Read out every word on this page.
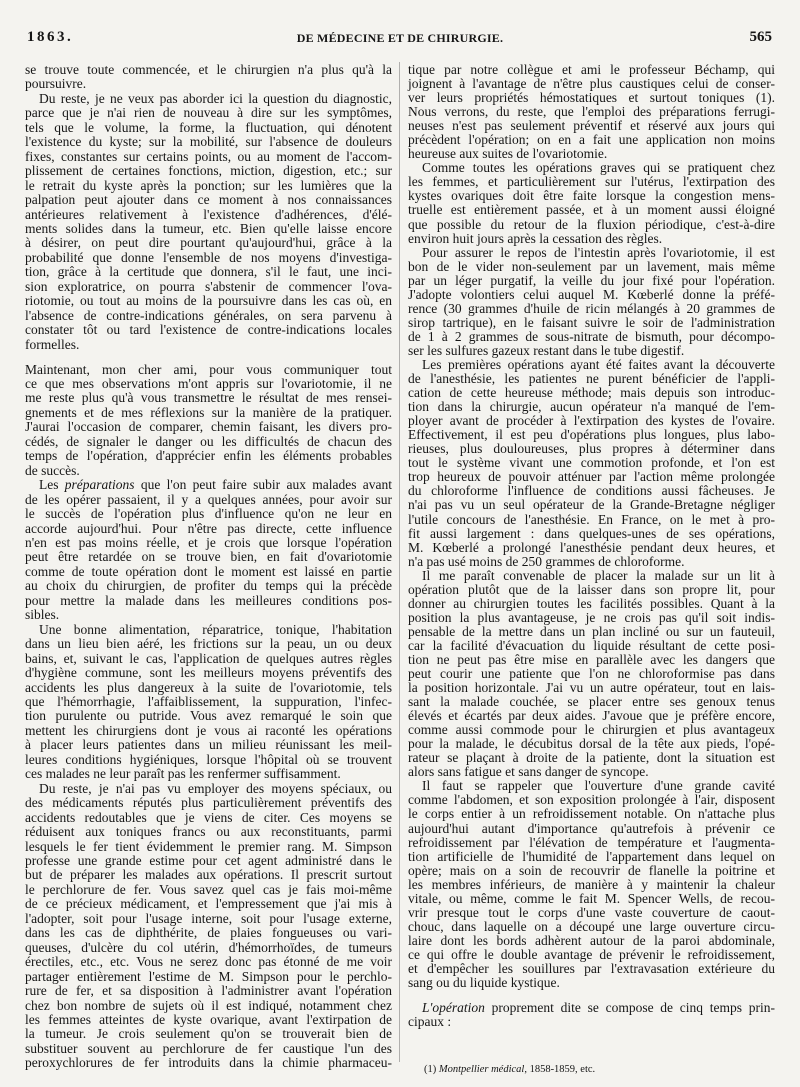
1863.	DE MÉDECINE ET DE CHIRURGIE.	565

se trouve toute commencée, et le chirurgien n'a plus qu'à la
poursuivre.

Du reste, je ne veux pas aborder ici la question du diagnostic,
parce que je n'ai rien de nouveau à dire sur les symptômes,
tels que le volume, la forme, la fluctuation, qui dénotent
l'existence du kyste; sur la mobilité, sur l'absence de douleurs
fixes, constantes sur certains points, ou au moment de l'accom-
plissement de certaines fonctions, miction, digestion, etc.; sur
le retrait du kyste après la ponction; sur les lumières que la
palpation peut ajouter dans ce moment à nos connaissances
antérieures relativement à l'existence d'adhérences, d'élé-
ments solides dans la tumeur, etc. Bien qu'elle laisse encore
à désirer, on peut dire pourtant qu'aujourd'hui, grâce à la
probabilité que donne l'ensemble de nos moyens d'investiga-
tion, grâce à la certitude que donnera, s'il le faut, une inci-
sion exploratrice, on pourra s'abstenir de commencer l'ova-
riotomie, ou tout au moins de la poursuivre dans les cas où, en
l'absence de contre-indications générales, on sera parvenu à
constater tôt ou tard l'existence de contre-indications locales
formelles.

Maintenant, mon cher ami, pour vous communiquer tout
ce que mes observations m'ont appris sur l'ovariotomie, il ne
me reste plus qu'à vous transmettre le résultat de mes rensei-
gnements et de mes réflexions sur la manière de la pratiquer.
J'aurai l'occasion de comparer, chemin faisant, les divers pro-
cédés, de signaler le danger ou les difficultés de chacun des
temps de l'opération, d'apprécier enfin les éléments probables
de succès.

Les préparations que l'on peut faire subir aux malades avant
de les opérer passaient, il y a quelques années, pour avoir sur
le succès de l'opération plus d'influence qu'on ne leur en
accorde aujourd'hui. Pour n'être pas directe, cette influence
n'en est pas moins réelle, et je crois que lorsque l'opération
peut être retardée on se trouve bien, en fait d'ovariotomie
comme de toute opération dont le moment est laissé en partie
au choix du chirurgien, de profiter du temps qui la précède
pour mettre la malade dans les meilleures conditions pos-
sibles.

Une bonne alimentation, réparatrice, tonique, l'habitation
dans un lieu bien aéré, les frictions sur la peau, un ou deux
bains, et, suivant le cas, l'application de quelques autres règles
d'hygiène commune, sont les meilleurs moyens préventifs des
accidents les plus dangereux à la suite de l'ovariotomie, tels
que l'hémorrhagie, l'affaiblissement, la suppuration, l'infec-
tion purulente ou putride. Vous avez remarqué le soin que
mettent les chirurgiens dont je vous ai raconté les opérations
à placer leurs patientes dans un milieu réunissant les meil-
leures conditions hygiéniques, lorsque l'hôpital où se trouvent
ces malades ne leur paraît pas les renfermer suffisamment.

Du reste, je n'ai pas vu employer des moyens spéciaux, ou
des médicaments réputés plus particulièrement préventifs des
accidents redoutables que je viens de citer. Ces moyens se
réduisent aux toniques francs ou aux reconstituants, parmi
lesquels le fer tient évidemment le premier rang. M. Simpson
professe une grande estime pour cet agent administré dans le
but de préparer les malades aux opérations. Il prescrit surtout
le perchlorure de fer. Vous savez quel cas je fais moi-même
de ce précieux médicament, et l'empressement que j'ai mis à
l'adopter, soit pour l'usage interne, soit pour l'usage externe,
dans les cas de diphthérite, de plaies fongueuses ou vari-
queuses, d'ulcère du col utérin, d'hémorrhoïdes, de tumeurs
érectiles, etc., etc. Vous ne serez donc pas étonné de me voir
partager entièrement l'estime de M. Simpson pour le perchlo-
rure de fer, et sa disposition à l'administrer avant l'opération
chez bon nombre de sujets où il est indiqué, notamment chez
les femmes atteintes de kyste ovarique, avant l'extirpation de
la tumeur. Je crois seulement qu'on se trouverait bien de
substituer souvent au perchlorure de fer caustique l'un des
peroxychlorures de fer introduits dans la chimie pharmaceu-

tique par notre collègue et ami le professeur Béchamp, qui
joignent à l'avantage de n'être plus caustiques celui de conser-
ver leurs propriétés hémostatiques et surtout toniques (1).
Nous verrons, du reste, que l'emploi des préparations ferrugi-
neuses n'est pas seulement préventif et réservé aux jours qui
précèdent l'opération; on en a fait une application non moins
heureuse aux suites de l'ovariotomie.

Comme toutes les opérations graves qui se pratiquent chez
les femmes, et particulièrement sur l'utérus, l'extirpation des
kystes ovariques doit être faite lorsque la congestion mens-
truelle est entièrement passée, et à un moment aussi éloigné
que possible du retour de la fluxion périodique, c'est-à-dire
environ huit jours après la cessation des règles.

Pour assurer le repos de l'intestin après l'ovariotomie, il est
bon de le vider non-seulement par un lavement, mais même
par un léger purgatif, la veille du jour fixé pour l'opération.
J'adopte volontiers celui auquel M. Kœberlé donne la préfé-
rence (30 grammes d'huile de ricin mélangés à 20 grammes de
sirop tartrique), en le faisant suivre le soir de l'administration
de 1 à 2 grammes de sous-nitrate de bismuth, pour décompo-
ser les sulfures gazeux restant dans le tube digestif.

Les premières opérations ayant été faites avant la découverte
de l'anesthésie, les patientes ne purent bénéficier de l'appli-
cation de cette heureuse méthode; mais depuis son introduc-
tion dans la chirurgie, aucun opérateur n'a manqué de l'em-
ployer avant de procéder à l'extirpation des kystes de l'ovaire.
Effectivement, il est peu d'opérations plus longues, plus labo-
rieuses, plus douloureuses, plus propres à déterminer dans
tout le système vivant une commotion profonde, et l'on est
trop heureux de pouvoir atténuer par l'action même prolongée
du chloroforme l'influence de conditions aussi fâcheuses. Je
n'ai pas vu un seul opérateur de la Grande-Bretagne négliger
l'utile concours de l'anesthésie. En France, on le met à pro-
fit aussi largement : dans quelques-unes de ses opérations,
M. Kœberlé a prolongé l'anesthésie pendant deux heures, et
n'a pas usé moins de 250 grammes de chloroforme.

Il me paraît convenable de placer la malade sur un lit à
opération plutôt que de la laisser dans son propre lit, pour
donner au chirurgien toutes les facilités possibles. Quant à la
position la plus avantageuse, je ne crois pas qu'il soit indis-
pensable de la mettre dans un plan incliné ou sur un fauteuil,
car la facilité d'évacuation du liquide résultant de cette posi-
tion ne peut pas être mise en parallèle avec les dangers que
peut courir une patiente que l'on ne chloroformise pas dans
la position horizontale. J'ai vu un autre opérateur, tout en lais-
sant la malade couchée, se placer entre ses genoux tenus
élevés et écartés par deux aides. J'avoue que je préfère encore,
comme aussi commode pour le chirurgien et plus avantageux
pour la malade, le décubitus dorsal de la tête aux pieds, l'opé-
rateur se plaçant à droite de la patiente, dont la situation est
alors sans fatigue et sans danger de syncope.

Il faut se rappeler que l'ouverture d'une grande cavité
comme l'abdomen, et son exposition prolongée à l'air, disposent
le corps entier à un refroidissement notable. On n'attache plus
aujourd'hui autant d'importance qu'autrefois à prévenir ce
refroidissement par l'élévation de température et l'augmenta-
tion artificielle de l'humidité de l'appartement dans lequel on
opère; mais on a soin de recouvrir de flanelle la poitrine et
les membres inférieurs, de manière à y maintenir la chaleur
vitale, ou même, comme le fait M. Spencer Wells, de recou-
vrir presque tout le corps d'une vaste couverture de caout-
chouc, dans laquelle on a découpé une large ouverture circu-
laire dont les bords adhèrent autour de la paroi abdominale,
ce qui offre le double avantage de prévenir le refroidissement,
et d'empêcher les souillures par l'extravasation extérieure du
sang ou du liquide kystique.

L'opération proprement dite se compose de cinq temps prin-
cipaux :

(1) Montpellier médical, 1858-1859, etc.
